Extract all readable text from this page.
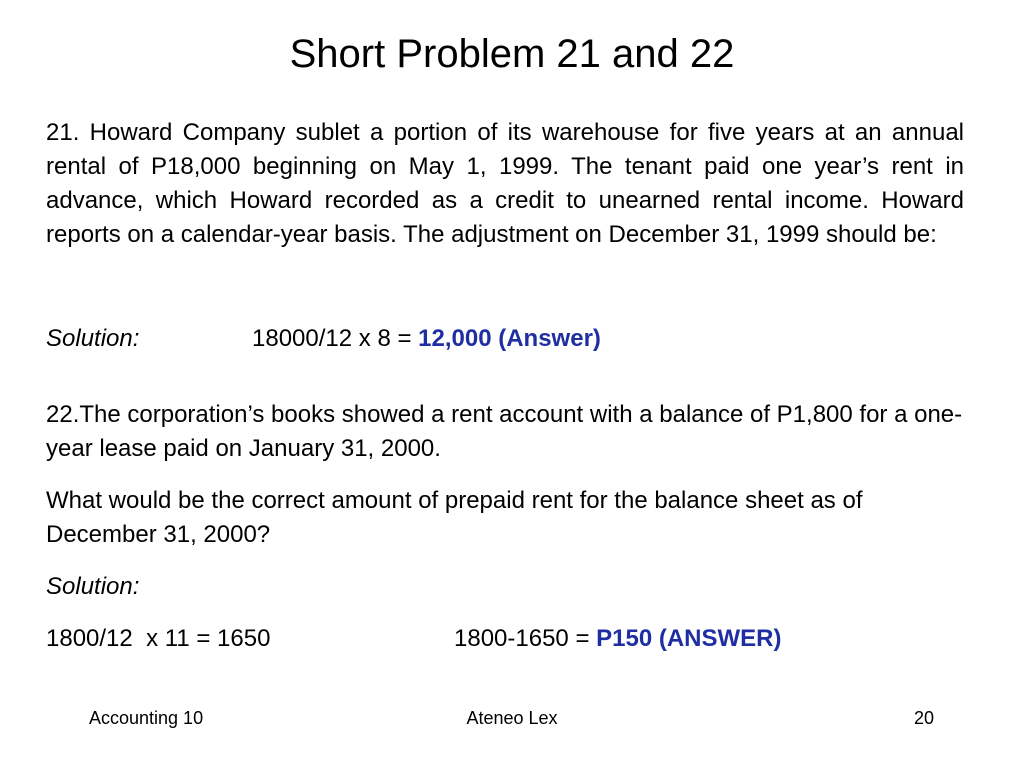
Short Problem 21 and 22
21. Howard Company sublet a portion of its warehouse for five years at an annual rental of P18,000 beginning on May 1, 1999. The tenant paid one year’s rent in advance, which Howard recorded as a credit to unearned rental income. Howard reports on a calendar-year basis. The adjustment on December 31, 1999 should be:
Solution:	18000/12 x 8 = 12,000 (Answer)
22.The corporation’s books showed a rent account with a balance of P1,800 for a one-year lease paid on January 31, 2000.
What would be the correct amount of prepaid rent for the balance sheet as of December 31, 2000?
Solution:
1800/12  x 11 = 1650	1800-1650 = P150 (ANSWER)
Accounting 10	Ateneo Lex	20
